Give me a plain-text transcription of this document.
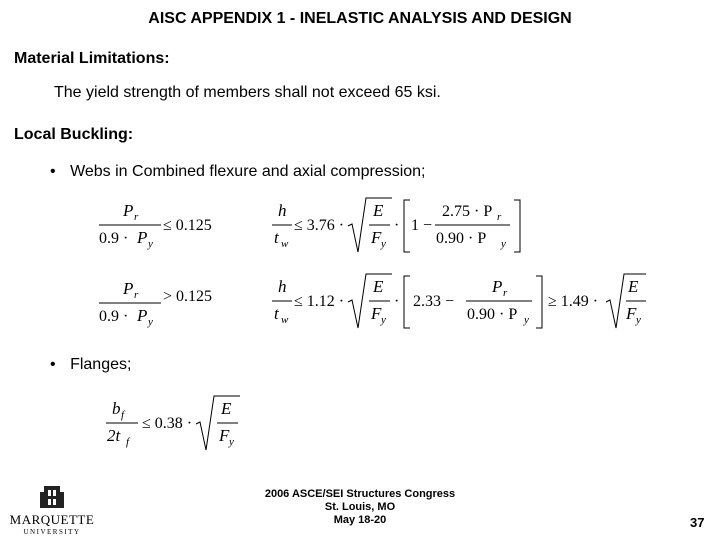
AISC APPENDIX 1 - INELASTIC ANALYSIS AND DESIGN
Material Limitations:
The yield strength of members shall not exceed 65 ksi.
Local Buckling:
• Webs in Combined flexure and axial compression;
P r
0.9 · P y
≤ 0.125
h
t w
≤ 3.76 ·
E
F y
· 1 −
2.75 · P r
0.90 · P y
P r
0.9 · P y
> 0.125
h
t w
≤ 1.12 ·
E
F y
· 2.33 −
P r
0.90 · P y
≥ 1.49 ·
E
F y
• Flanges;
b f
2t f
≤ 0.38 ·
E
F y
MARQUETTE
UNIVERSITY
2006 ASCE/SEI Structures Congress
St. Louis, MO
May 18-20	37
